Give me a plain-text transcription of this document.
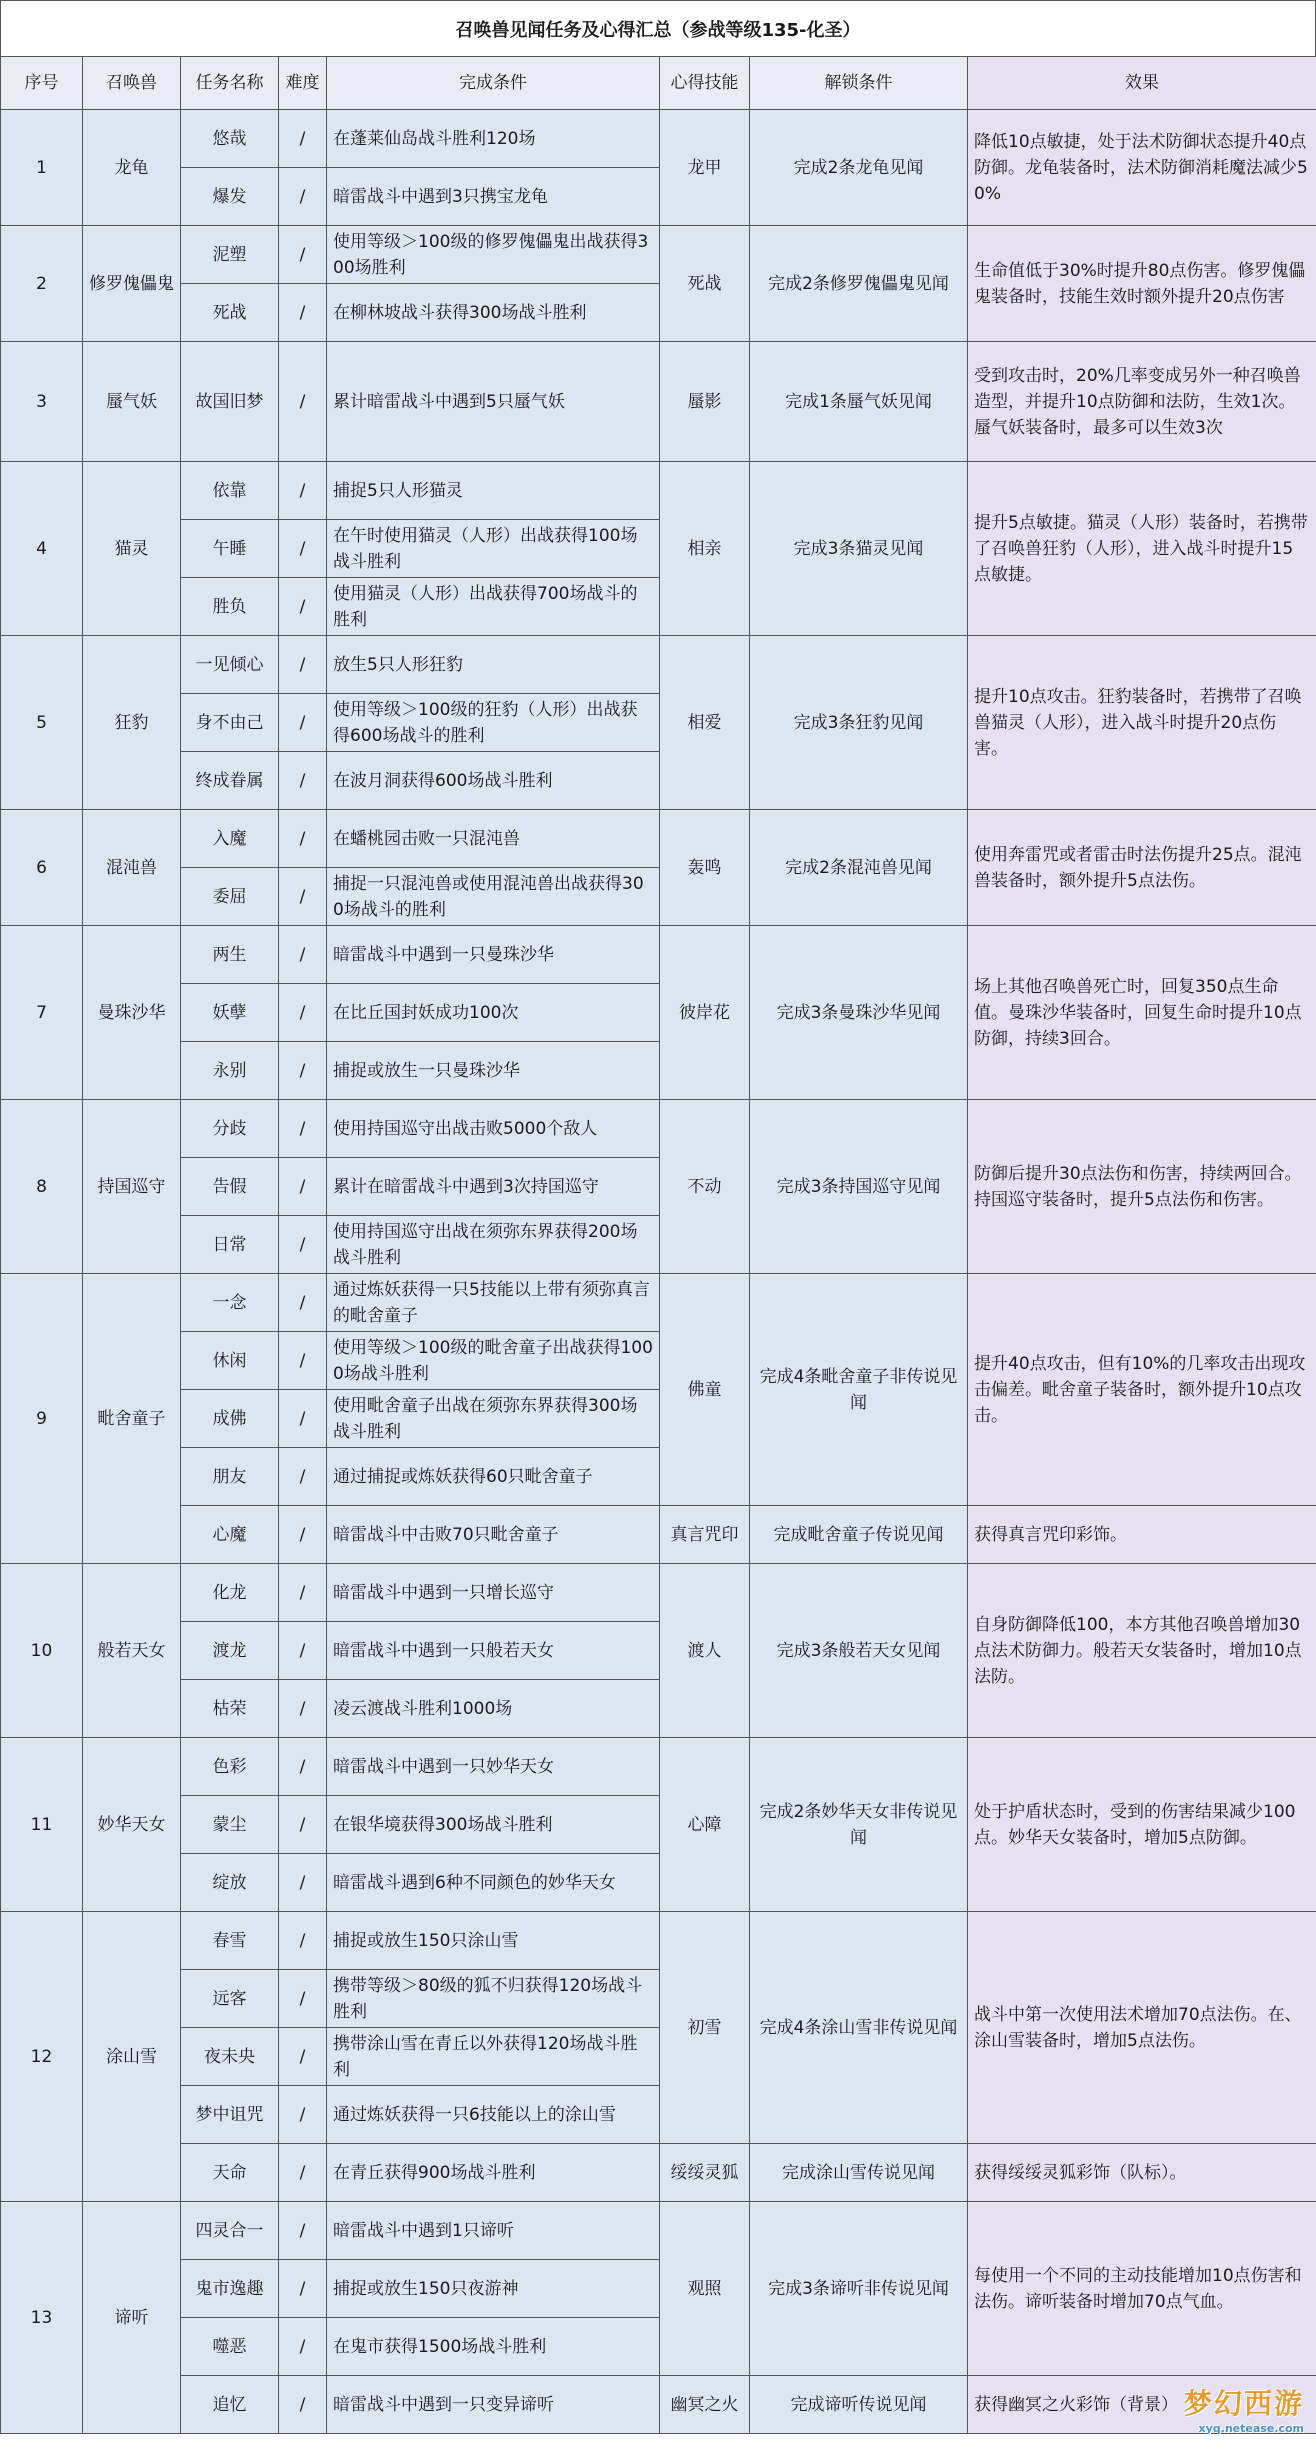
召唤兽见闻任务及心得汇总（参战等级135-化圣）
序号	召唤兽	任务名称	难度	完成条件	心得技能	解锁条件	效果
1	龙龟	悠哉	/	在蓬莱仙岛战斗胜利120场	龙甲	完成2条龙龟见闻	降低10点敏捷，处于法术防御状态提升40点防御。龙龟装备时，法术防御消耗魔法减少50%
		爆发	/	暗雷战斗中遇到3只携宝龙龟			
2	修罗傀儡鬼	泥塑	/	使用等级＞100级的修罗傀儡鬼出战获得300场胜利	死战	完成2条修罗傀儡鬼见闻	生命值低于30%时提升80点伤害。修罗傀儡鬼装备时，技能生效时额外提升20点伤害
		死战	/	在柳林坡战斗获得300场战斗胜利			
3	蜃气妖	故国旧梦	/	累计暗雷战斗中遇到5只蜃气妖	蜃影	完成1条蜃气妖见闻	受到攻击时，20%几率变成另外一种召唤兽造型，并提升10点防御和法防，生效1次。蜃气妖装备时，最多可以生效3次
4	猫灵	依靠	/	捕捉5只人形猫灵	相亲	完成3条猫灵见闻	提升5点敏捷。猫灵（人形）装备时，若携带了召唤兽狂豹（人形），进入战斗时提升15点敏捷。
		午睡	/	在午时使用猫灵（人形）出战获得100场战斗胜利			
		胜负	/	使用猫灵（人形）出战获得700场战斗的胜利			
5	狂豹	一见倾心	/	放生5只人形狂豹	相爱	完成3条狂豹见闻	提升10点攻击。狂豹装备时，若携带了召唤兽猫灵（人形），进入战斗时提升20点伤害。
		身不由己	/	使用等级＞100级的狂豹（人形）出战获得600场战斗的胜利			
		终成眷属	/	在波月洞获得600场战斗胜利			
6	混沌兽	入魔	/	在蟠桃园击败一只混沌兽	轰鸣	完成2条混沌兽见闻	使用奔雷咒或者雷击时法伤提升25点。混沌兽装备时，额外提升5点法伤。
		委屈	/	捕捉一只混沌兽或使用混沌兽出战获得300场战斗的胜利			
7	曼珠沙华	两生	/	暗雷战斗中遇到一只曼珠沙华	彼岸花	完成3条曼珠沙华见闻	场上其他召唤兽死亡时，回复350点生命值。曼珠沙华装备时，回复生命时提升10点防御，持续3回合。
		妖孽	/	在比丘国封妖成功100次			
		永别	/	捕捉或放生一只曼珠沙华			
8	持国巡守	分歧	/	使用持国巡守出战击败5000个敌人	不动	完成3条持国巡守见闻	防御后提升30点法伤和伤害，持续两回合。持国巡守装备时，提升5点法伤和伤害。
		告假	/	累计在暗雷战斗中遇到3次持国巡守			
		日常	/	使用持国巡守出战在须弥东界获得200场战斗胜利			
9	毗舍童子	一念	/	通过炼妖获得一只5技能以上带有须弥真言的毗舍童子	佛童	完成4条毗舍童子非传说见闻	提升40点攻击，但有10%的几率攻击出现攻击偏差。毗舍童子装备时，额外提升10点攻击。
		休闲	/	使用等级＞100级的毗舍童子出战获得1000场战斗胜利			
		成佛	/	使用毗舍童子出战在须弥东界获得300场战斗胜利			
		朋友	/	通过捕捉或炼妖获得60只毗舍童子			
		心魔	/	暗雷战斗中击败70只毗舍童子	真言咒印	完成毗舍童子传说见闻	获得真言咒印彩饰。
10	般若天女	化龙	/	暗雷战斗中遇到一只增长巡守	渡人	完成3条般若天女见闻	自身防御降低100，本方其他召唤兽增加30点法术防御力。般若天女装备时，增加10点法防。
		渡龙	/	暗雷战斗中遇到一只般若天女			
		枯荣	/	凌云渡战斗胜利1000场			
11	妙华天女	色彩	/	暗雷战斗中遇到一只妙华天女	心障	完成2条妙华天女非传说见闻	处于护盾状态时，受到的伤害结果减少100点。妙华天女装备时，增加5点防御。
		蒙尘	/	在银华境获得300场战斗胜利			
		绽放	/	暗雷战斗遇到6种不同颜色的妙华天女			
12	涂山雪	春雪	/	捕捉或放生150只涂山雪	初雪	完成4条涂山雪非传说见闻	战斗中第一次使用法术增加70点法伤。在、涂山雪装备时，增加5点法伤。
		远客	/	携带等级＞80级的狐不归获得120场战斗胜利			
		夜未央	/	携带涂山雪在青丘以外获得120场战斗胜利			
		梦中诅咒	/	通过炼妖获得一只6技能以上的涂山雪			
		天命	/	在青丘获得900场战斗胜利	绥绥灵狐	完成涂山雪传说见闻	获得绥绥灵狐彩饰（队标）。
13	谛听	四灵合一	/	暗雷战斗中遇到1只谛听	观照	完成3条谛听非传说见闻	每使用一个不同的主动技能增加10点伤害和法伤。谛听装备时增加70点气血。
		鬼市逸趣	/	捕捉或放生150只夜游神			
		噬恶	/	在鬼市获得1500场战斗胜利			
		追忆	/	暗雷战斗中遇到一只变异谛听	幽冥之火	完成谛听传说见闻	获得幽冥之火彩饰（背景） 梦幻西游
xyq.netease.com
